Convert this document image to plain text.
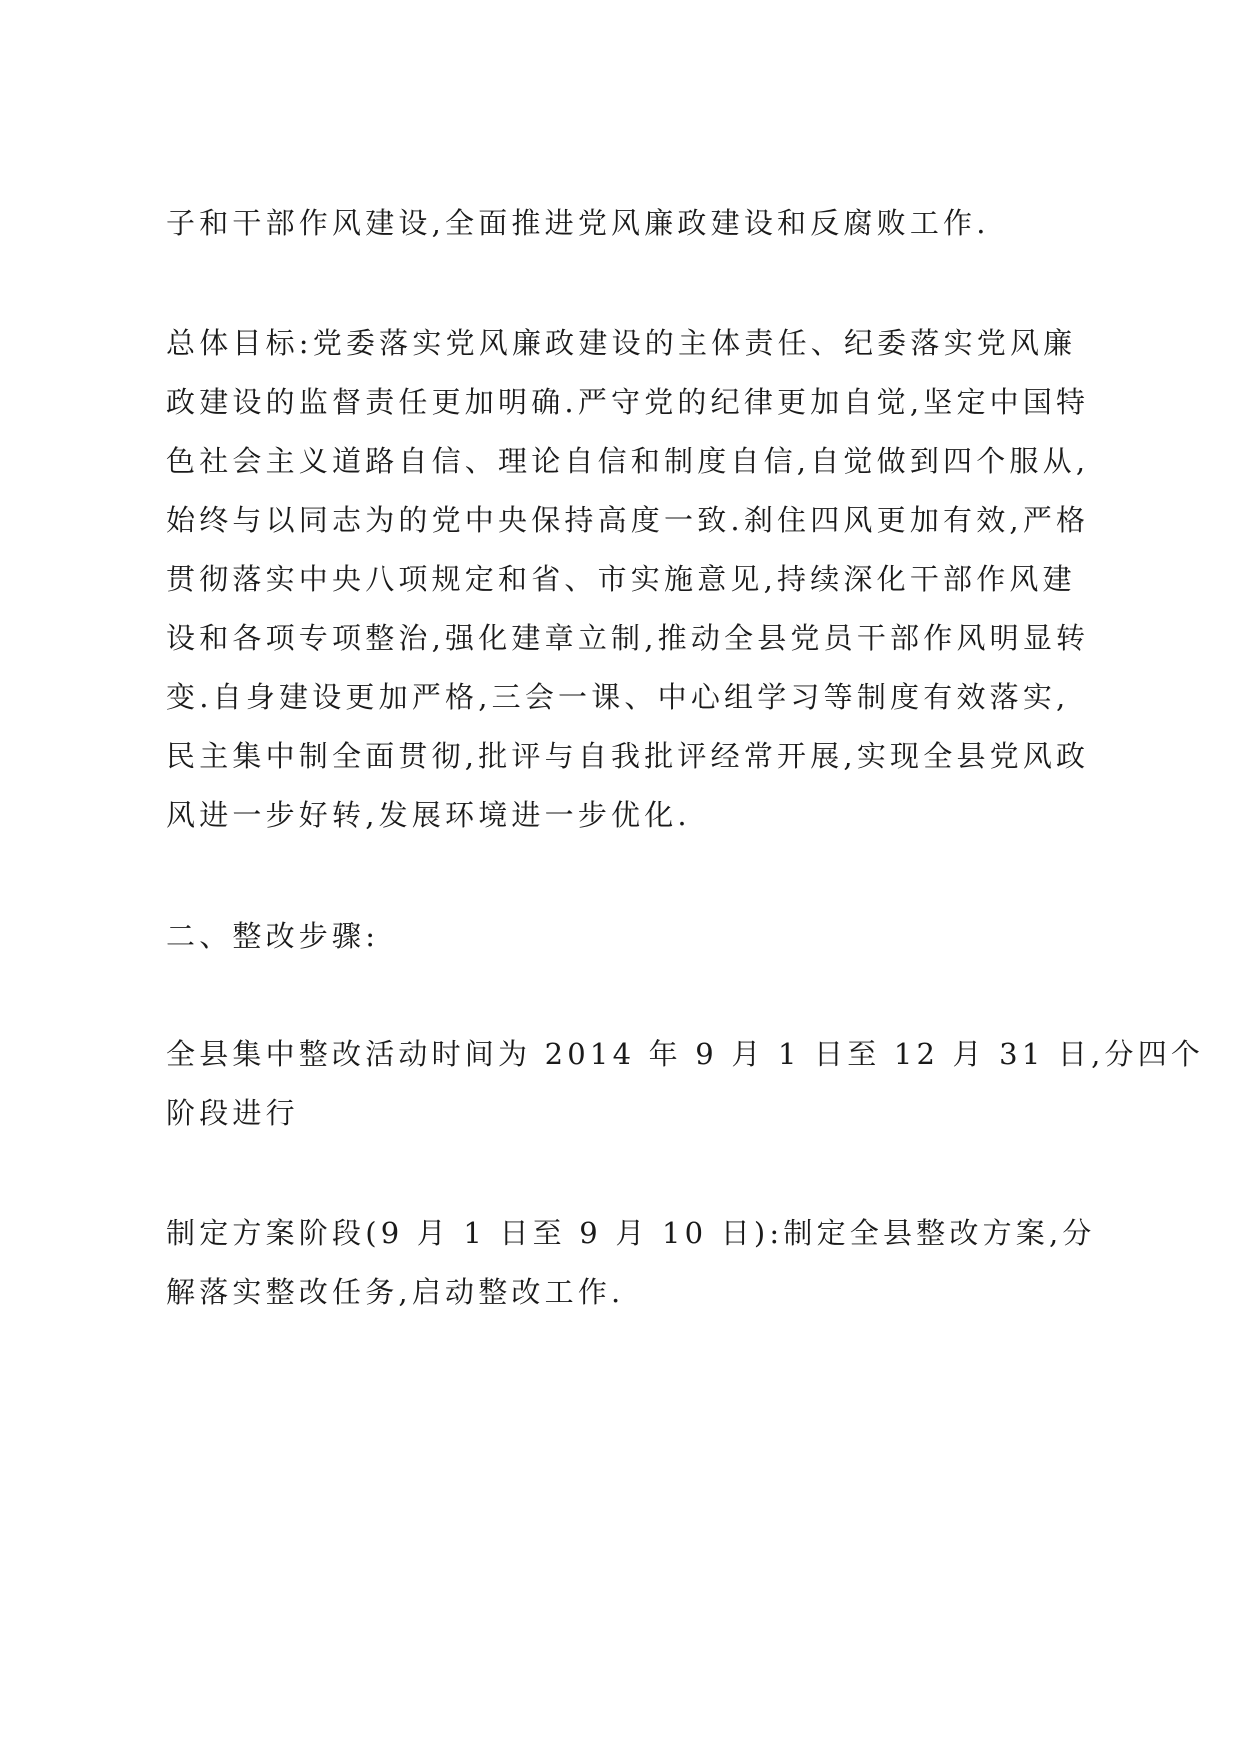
子和干部作风建设,全面推进党风廉政建设和反腐败工作.
总体目标:党委落实党风廉政建设的主体责任、纪委落实党风廉
政建设的监督责任更加明确.严守党的纪律更加自觉,坚定中国特
色社会主义道路自信、理论自信和制度自信,自觉做到四个服从,
始终与以同志为的党中央保持高度一致.刹住四风更加有效,严格
贯彻落实中央八项规定和省、市实施意见,持续深化干部作风建
设和各项专项整治,强化建章立制,推动全县党员干部作风明显转
变.自身建设更加严格,三会一课、中心组学习等制度有效落实,
民主集中制全面贯彻,批评与自我批评经常开展,实现全县党风政
风进一步好转,发展环境进一步优化.
二、整改步骤:
全县集中整改活动时间为 2014 年 9 月 1 日至 12 月 31 日,分四个
阶段进行
制定方案阶段(9 月 1 日至 9 月 10 日):制定全县整改方案,分
解落实整改任务,启动整改工作.
